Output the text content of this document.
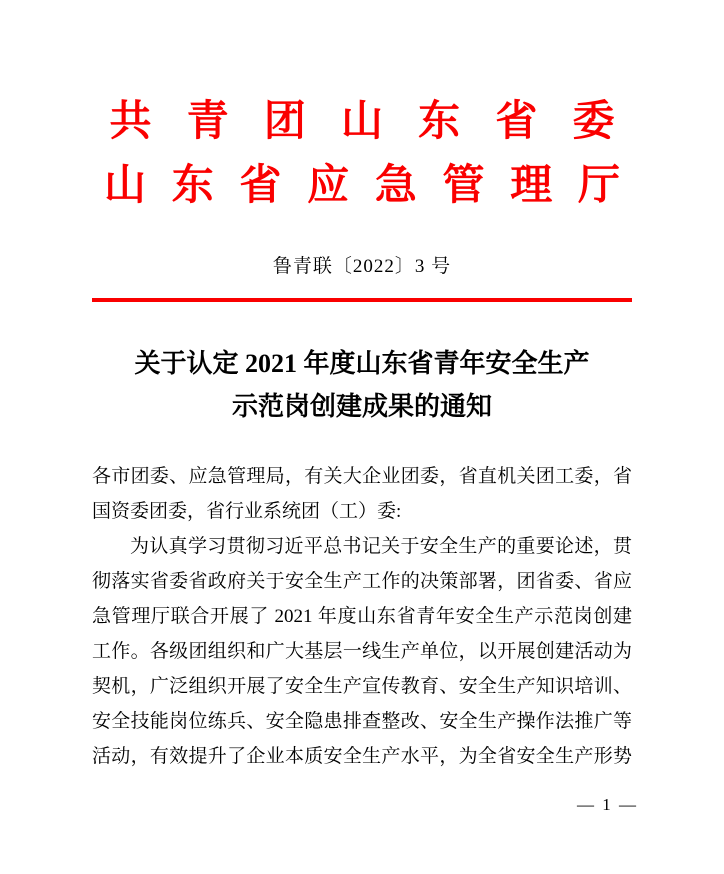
共青团山东省委
山东省应急管理厅
鲁青联〔2022〕3 号
关于认定 2021 年度山东省青年安全生产
示范岗创建成果的通知
各市团委、应急管理局，有关大企业团委，省直机关团工委，省
国资委团委，省行业系统团（工）委:
为认真学习贯彻习近平总书记关于安全生产的重要论述，贯
彻落实省委省政府关于安全生产工作的决策部署，团省委、省应
急管理厅联合开展了 2021 年度山东省青年安全生产示范岗创建
工作。各级团组织和广大基层一线生产单位，以开展创建活动为
契机，广泛组织开展了安全生产宣传教育、安全生产知识培训、
安全技能岗位练兵、安全隐患排查整改、安全生产操作法推广等
活动，有效提升了企业本质安全生产水平，为全省安全生产形势
— 1 —
